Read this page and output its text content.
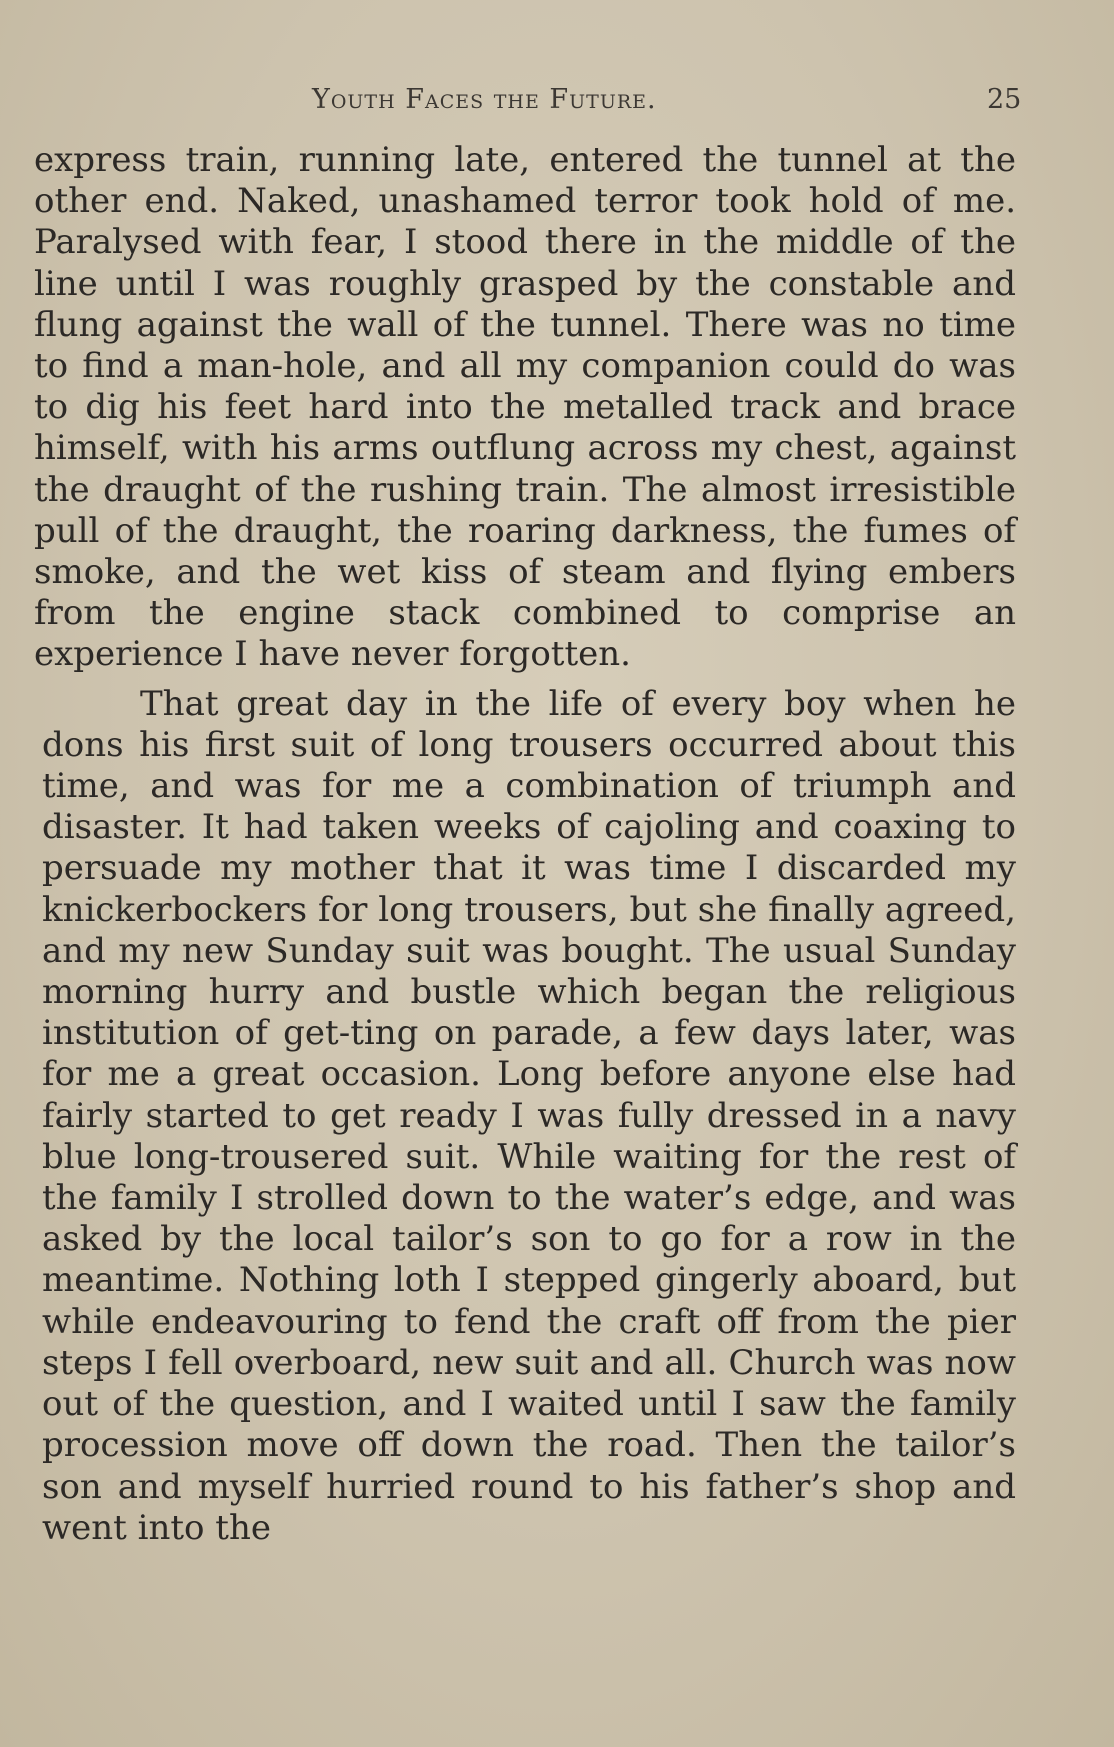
Youth Faces the Future.	25

express train, running late, entered the tunnel at the other end. Naked, unashamed terror took hold of me. Paralysed with fear, I stood there in the middle of the line until I was roughly grasped by the constable and flung against the wall of the tunnel. There was no time to find a man-hole, and all my companion could do was to dig his feet hard into the metalled track and brace himself, with his arms outflung across my chest, against the draught of the rushing train. The almost irresistible pull of the draught, the roaring darkness, the fumes of smoke, and the wet kiss of steam and flying embers from the engine stack combined to comprise an experience I have never forgotten.

That great day in the life of every boy when he dons his first suit of long trousers occurred about this time, and was for me a combination of triumph and disaster. It had taken weeks of cajoling and coaxing to persuade my mother that it was time I discarded my knickerbockers for long trousers, but she finally agreed, and my new Sunday suit was bought. The usual Sunday morning hurry and bustle which began the religious institution of get-ting on parade, a few days later, was for me a great occasion. Long before anyone else had fairly started to get ready I was fully dressed in a navy blue long-trousered suit. While waiting for the rest of the family I strolled down to the water’s edge, and was asked by the local tailor’s son to go for a row in the meantime. Nothing loth I stepped gingerly aboard, but while endeavouring to fend the craft off from the pier steps I fell overboard, new suit and all. Church was now out of the question, and I waited until I saw the family procession move off down the road. Then the tailor’s son and myself hurried round to his father’s shop and went into the
